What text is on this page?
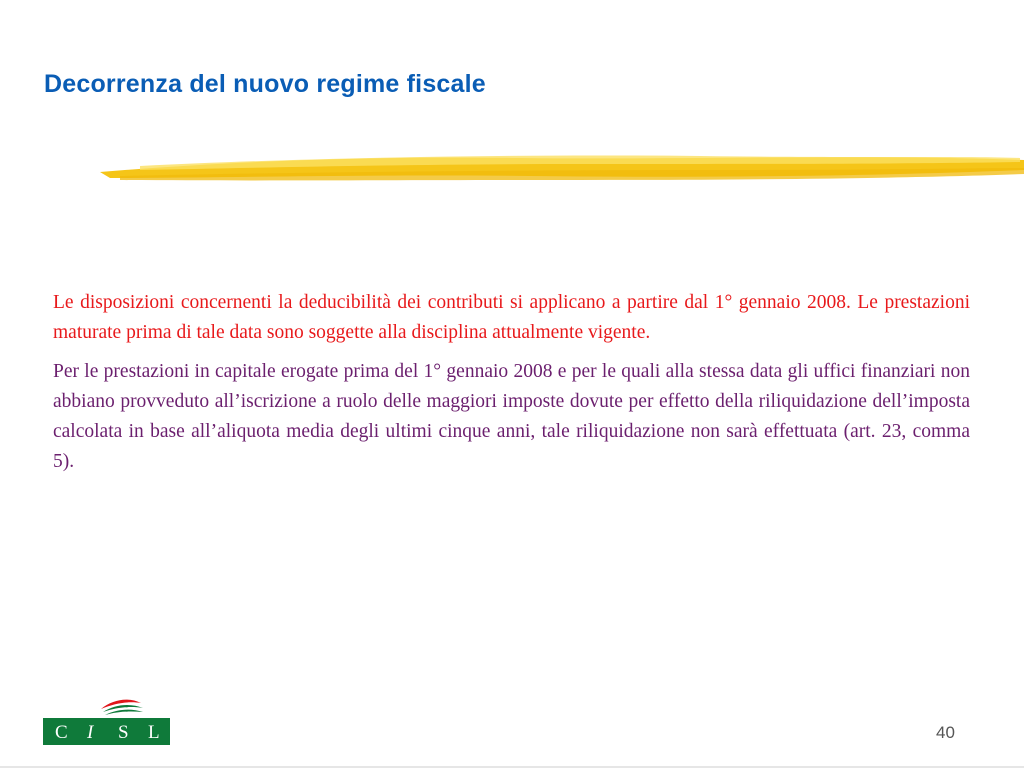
Decorrenza del nuovo regime fiscale

Le disposizioni concernenti la deducibilità dei contributi si applicano a partire dal 1° gennaio 2008. Le prestazioni maturate prima di tale data sono soggette alla disciplina attualmente vigente.

Per le prestazioni in capitale erogate prima del 1° gennaio 2008 e per le quali alla stessa data gli uffici finanziari non abbiano provveduto all’iscrizione a ruolo delle maggiori imposte dovute per effetto della riliquidazione dell’imposta calcolata in base all’aliquota media degli ultimi cinque anni, tale riliquidazione non sarà effettuata (art. 23, comma 5).

C I S L	40
